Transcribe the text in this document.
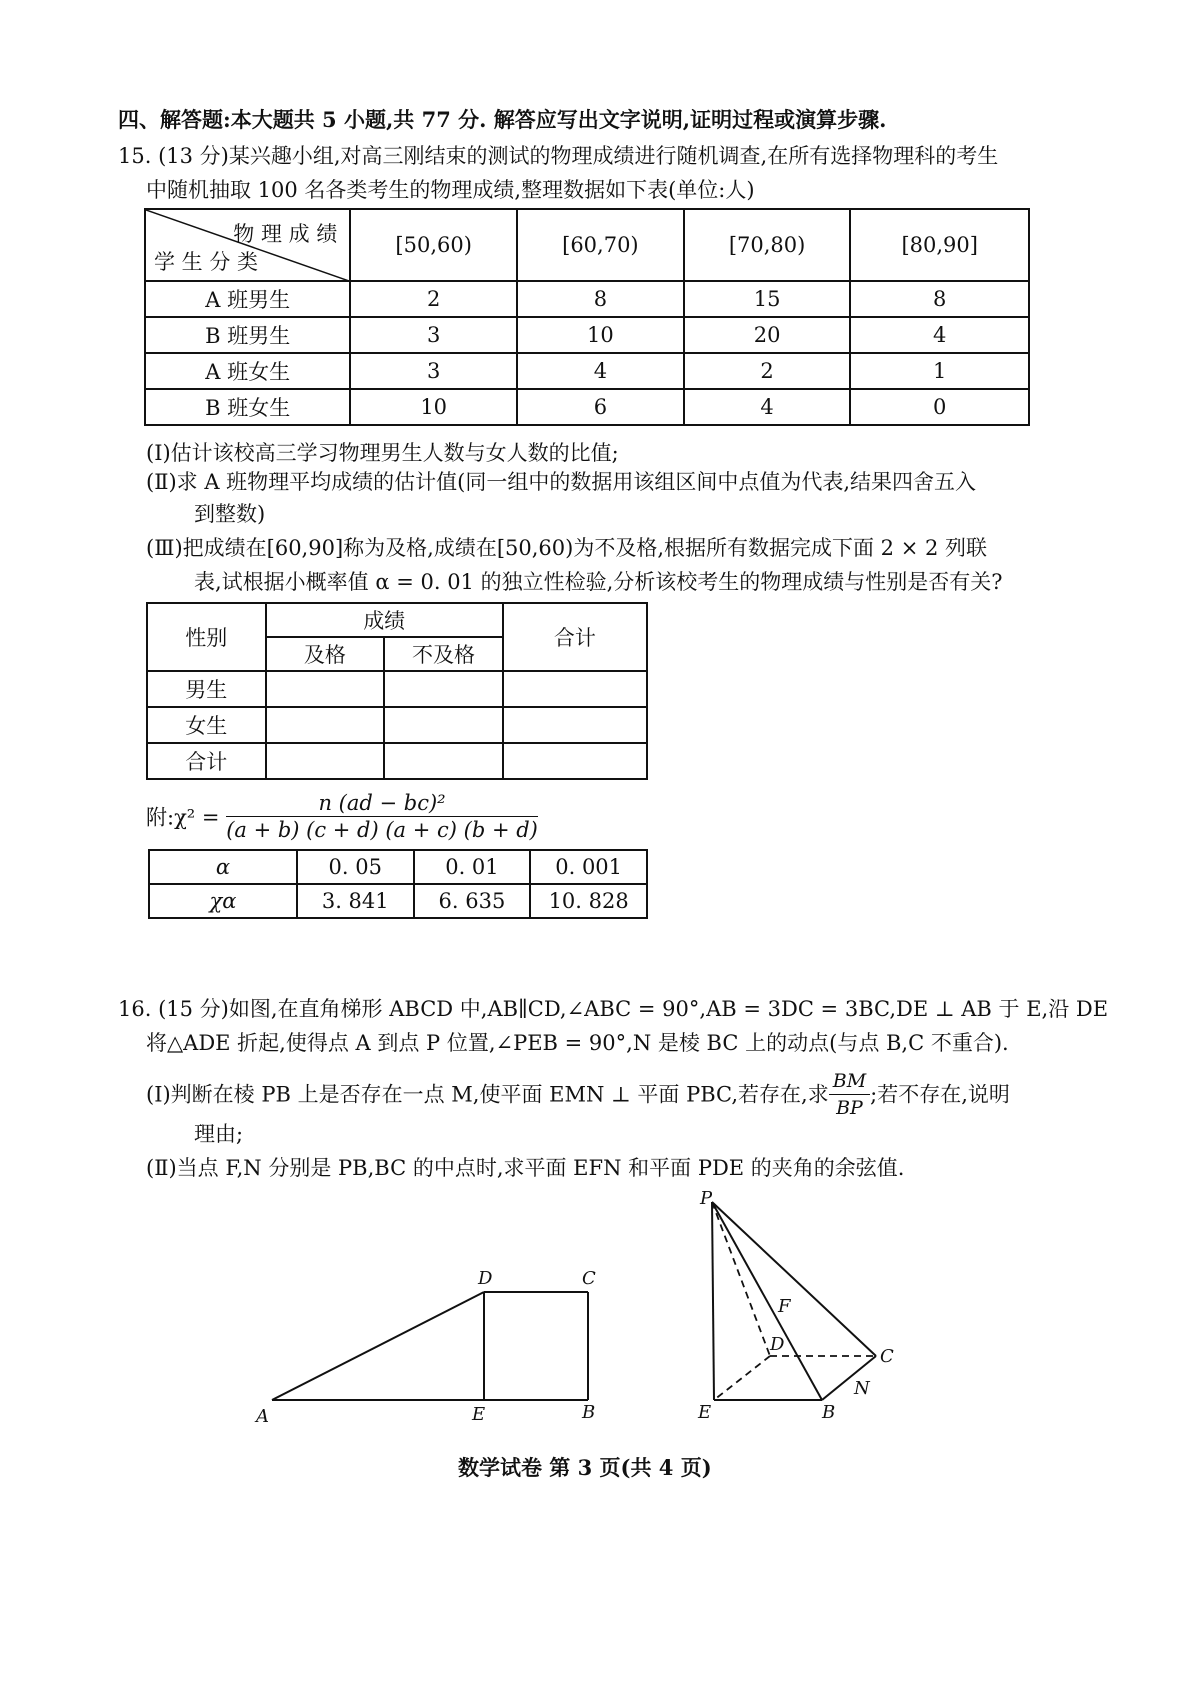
四、解答题:本大题共 5 小题,共 77 分. 解答应写出文字说明,证明过程或演算步骤.
15. (13 分)某兴趣小组,对高三刚结束的测试的物理成绩进行随机调查,在所有选择物理科的考生
中随机抽取 100 名各类考生的物理成绩,整理数据如下表(单位:人)
物 理 成 绩
学 生 分 类	[50,60)	[60,70)	[70,80)	[80,90]
A 班男生	2	8	15	8
B 班男生	3	10	20	4
A 班女生	3	4	2	1
B 班女生	10	6	4	0
(Ⅰ)估计该校高三学习物理男生人数与女人数的比值;
(Ⅱ)求 A 班物理平均成绩的估计值(同一组中的数据用该组区间中点值为代表,结果四舍五入
到整数)
(Ⅲ)把成绩在[60,90]称为及格,成绩在[50,60)为不及格,根据所有数据完成下面 2 × 2 列联
表,试根据小概率值 α = 0. 01 的独立性检验,分析该校考生的物理成绩与性别是否有关?
性别	成绩		合计
	及格	不及格	
男生			
女生			
合计			
附:χ² = $\frac{\text{n (ad − bc)²}}{(a + b) (c + d) (a + c) (b + d)}$
α	0. 05	0. 01	0. 001
χα	3. 841	6. 635	10. 828
16. (15 分)如图,在直角梯形 ABCD 中,AB∥CD,∠ABC = 90°,AB = 3DC = 3BC,DE ⊥ AB 于 E,沿 DE
将△ADE 折起,使得点 A 到点 P 位置,∠PEB = 90°,N 是棱 BC 上的动点(与点 B,C 不重合).
(Ⅰ)判断在棱 PB 上是否存在一点 M,使平面 EMN ⊥ 平面 PBC,若存在,求 $\frac{BM}{BP}$ ;若不存在,说明
理由;
(Ⅱ)当点 F,N 分别是 PB,BC 的中点时,求平面 EFN 和平面 PDE 的夹角的余弦值.
A	E	B
D	C
P
F
D
C
N
E	B
数学试卷 第 3 页(共 4 页)
